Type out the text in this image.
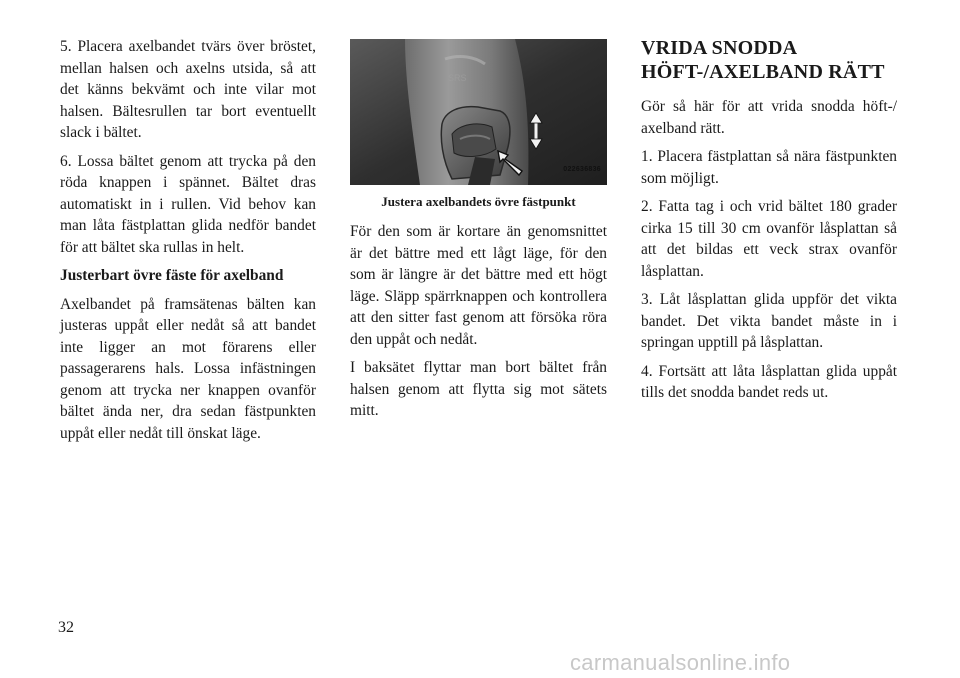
5. Placera axelbandet tvärs över bröstet, mellan halsen och axelns utsida, så att det känns bekvämt och inte vilar mot halsen. Bältesrullen tar bort eventuellt slack i bältet.

6. Lossa bältet genom att trycka på den röda knappen i spännet. Bältet dras automatiskt in i rullen. Vid behov kan man låta fästplattan glida nedför bandet för att bältet ska rullas in helt.

Justerbart övre fäste för axelband

Axelbandet på framsätenas bälten kan justeras uppåt eller nedåt så att bandet inte ligger an mot förarens eller passagerarens hals. Lossa infästningen genom att trycka ner knappen ovanför bältet ända ner, dra sedan fästpunkten uppåt eller nedåt till önskat läge.

SRS
022636836
Justera axelbandets övre fästpunkt

För den som är kortare än genomsnittet är det bättre med ett lågt läge, för den som är längre är det bättre med ett högt läge. Släpp spärrknappen och kontrollera att den sitter fast genom att försöka röra den uppåt och nedåt.

I baksätet flyttar man bort bältet från halsen genom att flytta sig mot sätets mitt.

VRIDA SNODDA
HÖFT-/AXELBAND RÄTT

Gör så här för att vrida snodda höft-/ axelband rätt.

1. Placera fästplattan så nära fästpunkten som möjligt.

2. Fatta tag i och vrid bältet 180 grader cirka 15 till 30 cm ovanför låsplattan så att det bildas ett veck strax ovanför låsplattan.

3. Låt låsplattan glida uppför det vikta bandet. Det vikta bandet måste in i springan upptill på låsplattan.

4. Fortsätt att låta låsplattan glida uppåt tills det snodda bandet reds ut.

32
carmanualsonline.info
